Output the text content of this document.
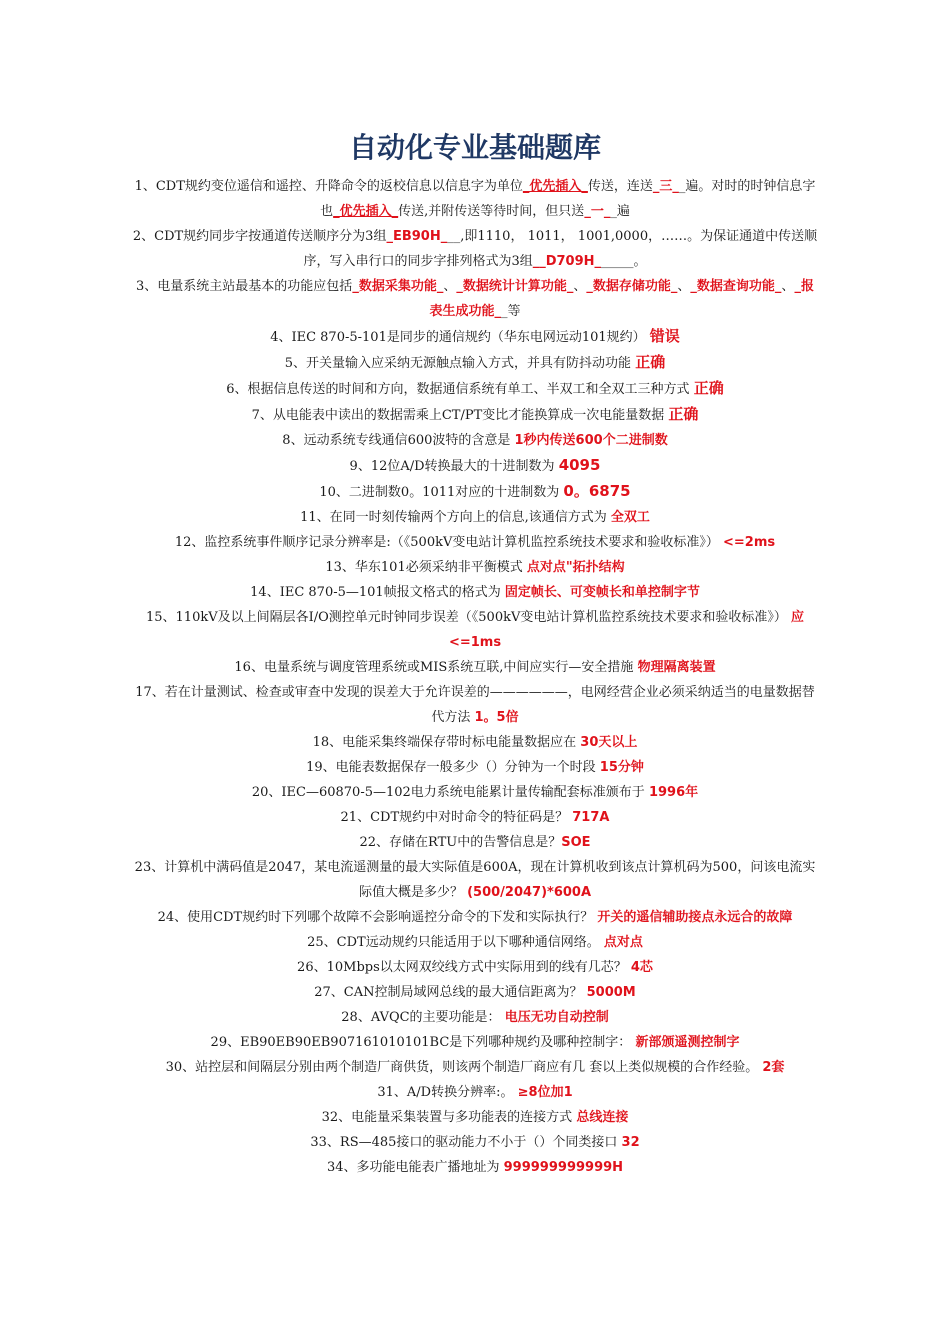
自动化专业基础题库
1、CDT规约变位遥信和遥控、升降命令的返校信息以信息字为单位_优先插入_传送，连送_三__遍。对时的时钟信息字也_优先插入_传送,并附传送等待时间，但只送_一__遍
2、CDT规约同步字按通道传送顺序分为3组_EB90H___,即1110， 1011， 1001,0000，……。为保证通道中传送顺序，写入串行口的同步字排列格式为3组__D709H______。
3、电量系统主站最基本的功能应包括_数据采集功能_、_数据统计计算功能_、_数据存储功能_、_数据查询功能_、_报表生成功能__等
4、IEC 870-5-101是同步的通信规约（华东电网远动101规约） 错误
5、开关量输入应采纳无源触点输入方式，并具有防抖动功能 正确
6、根据信息传送的时间和方向，数据通信系统有单工、半双工和全双工三种方式 正确
7、从电能表中读出的数据需乘上CT/PT变比才能换算成一次电能量数据 正确
8、远动系统专线通信600波特的含意是 1秒内传送600个二进制数
9、12位A/D转换最大的十进制数为 4095
10、二进制数0。1011对应的十进制数为 0。6875
11、在同一时刻传输两个方向上的信息,该通信方式为 全双工
12、监控系统事件顺序记录分辨率是:（《500kV变电站计算机监控系统技术要求和验收标准》） <=2ms
13、华东101必须采纳非平衡模式 点对点"拓扑结构
14、IEC 870-5—101帧报文格式的格式为 固定帧长、可变帧长和单控制字节
15、110kV及以上间隔层各I/O测控单元时钟同步误差（《500kV变电站计算机监控系统技术要求和验收标准》） 应 <=1ms
16、电量系统与调度管理系统或MIS系统互联,中间应实行—安全措施 物理隔离装置
17、若在计量测试、检查或审查中发现的误差大于允许误差的——————，电网经营企业必须采纳适当的电量数据替代方法 1。5倍
18、电能采集终端保存带时标电能量数据应在 30天以上
19、电能表数据保存一般多少（）分钟为一个时段 15分钟
20、IEC—60870-5—102电力系统电能累计量传输配套标准颁布于 1996年
21、CDT规约中对时命令的特征码是？ 717A
22、存储在RTU中的告警信息是？SOE
23、计算机中满码值是2047，某电流遥测量的最大实际值是600A，现在计算机收到该点计算机码为500，问该电流实际值大概是多少？ (500/2047)*600A
24、使用CDT规约时下列哪个故障不会影响遥控分命令的下发和实际执行？ 开关的遥信辅助接点永远合的故障
25、CDT远动规约只能适用于以下哪种通信网络。 点对点
26、10Mbps以太网双绞线方式中实际用到的线有几芯？ 4芯
27、CAN控制局域网总线的最大通信距离为？ 5000M
28、AVQC的主要功能是： 电压无功自动控制
29、EB90EB90EB907161010101BC是下列哪种规约及哪种控制字： 新部颁遥测控制字
30、站控层和间隔层分别由两个制造厂商供货，则该两个制造厂商应有几 套以上类似规模的合作经验。 2套
31、A/D转换分辨率:。 ≥8位加1
32、电能量采集装置与多功能表的连接方式 总线连接
33、RS—485接口的驱动能力不小于（）个同类接口 32
34、多功能电能表广播地址为 999999999999H
